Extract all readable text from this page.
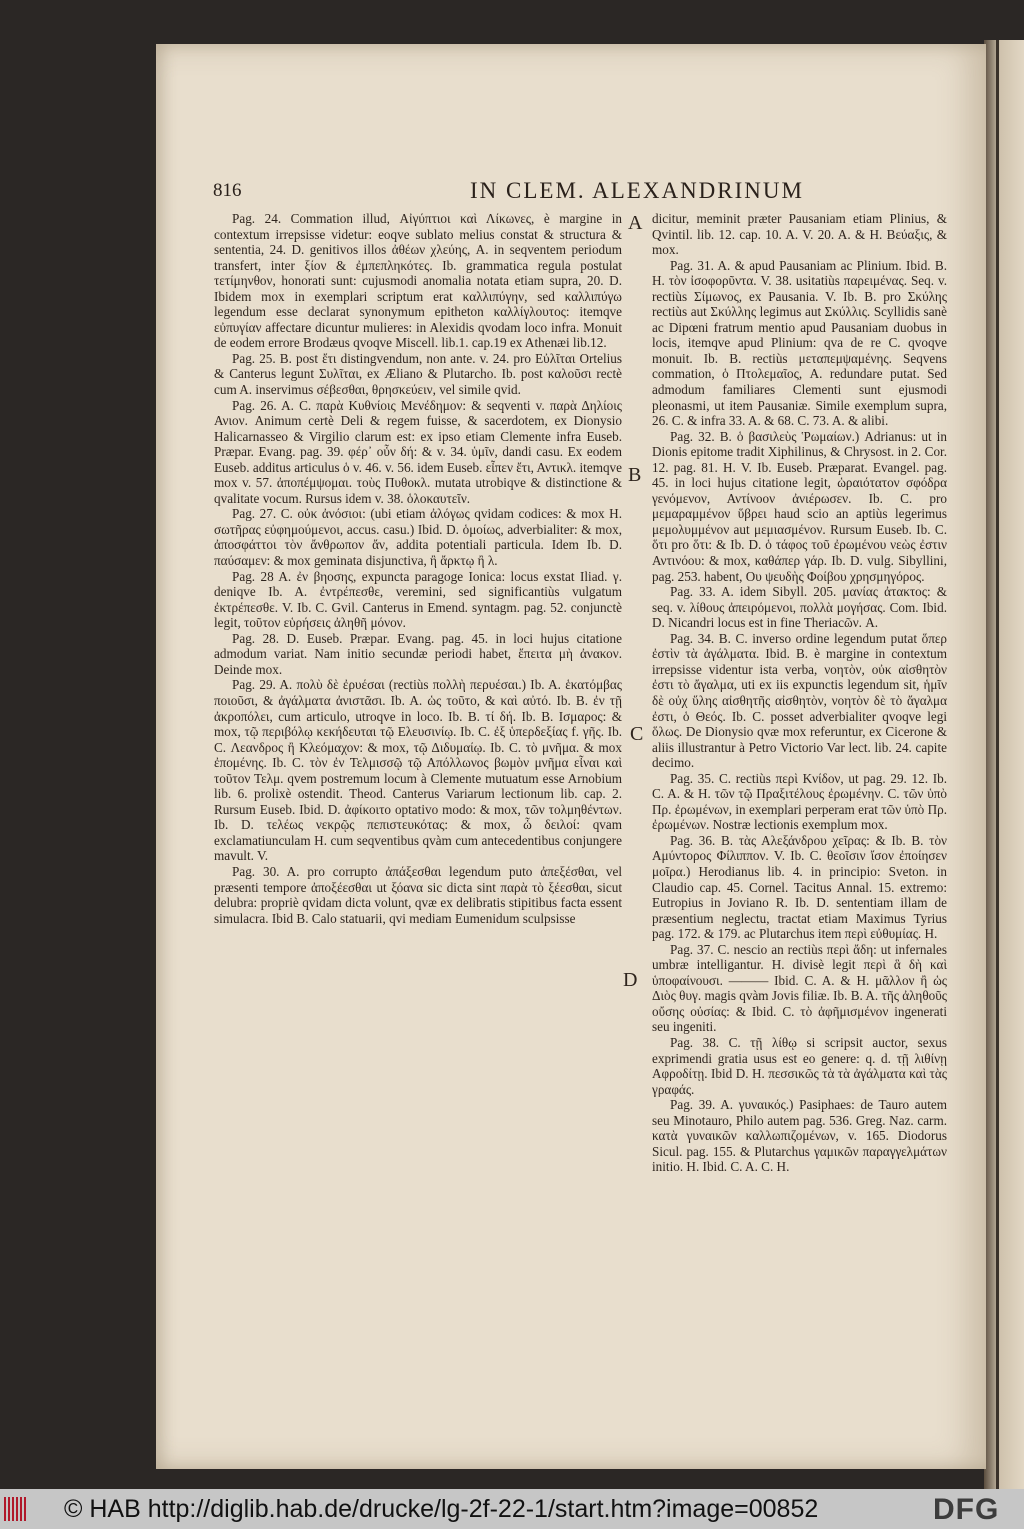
816	IN CLEM. ALEXANDRINUM

Pag. 24. Commation illud, Αἰγύπτιοι καὶ Λίκωνες, è margine in contextum irrepsisse videtur: eoqve sublato melius constat & structura & sententia, 24. D. genitivos illos ἀθέων χλεύης, A. in seqventem periodum transfert, inter ξίον & ἐμπεπληκότες. Ib. grammatica regula postulat τετίμηνθον, honorati sunt: cujusmodi anomalia notata etiam supra, 20. D. Ibidem mox in exemplari scriptum erat καλλιπύγην, sed καλλιπύγω legendum esse declarat synonymum epitheton καλλίγλουτος: itemqve εὐπυγίαν affectare dicuntur mulieres: in Alexidis qvodam loco infra. Monuit de eodem errore Brodæus qvoqve Miscell. lib.1. cap.19 ex Athenæi lib.12.

Pag. 25. B. post ἔτι distingvendum, non ante. v. 24. pro Εὐλῖται Ortelius & Canterus legunt Συλῖται, ex Æliano & Plutarcho. Ib. post καλοῦσι rectè cum A. inservimus σέβεσθαι, θρησκεύειν, vel simile qvid.

Pag. 26. A. C. παρὰ Κυθνίοις Μενέδημον: & seqventi v. παρὰ Δηλίοις Ανιον. Animum certè Deli & regem fuisse, & sacerdotem, ex Dionysio Halicarnasseo & Virgilio clarum est: ex ipso etiam Clemente infra Euseb. Præpar. Evang. pag. 39. φέρ᾽ οὖν δή: & v. 34. ὑμῖν, dandi casu. Ex eodem Euseb. additus articulus ὁ v. 46. v. 56. idem Euseb. εἶπεν ἔτι, Αντικλ. itemqve mox v. 57. ἀποπέμψομαι. τοὺς Πυθοκλ. mutata utrobiqve & distinctione & qvalitate vocum. Rursus idem v. 38. ὁλοκαυτεῖν.

Pag. 27. C. οὐκ ἀνόσιοι: (ubi etiam ἀλόγως qvidam codices: & mox H. σωτῆρας εὐφημούμενοι, accus. casu.) Ibid. D. ὁμοίως, adverbialiter: & mox, ἀποσφάττοι τὸν ἄνθρωπον ἄν, addita potentiali particula. Idem Ib. D. παύσαμεν: & mox geminata disjunctiva, ἢ ἄρκτῳ ἢ λ.

Pag. 28 A. ἐν βηοσης, expuncta paragoge Ionica: locus exstat Iliad. γ. deniqve Ib. A. ἐντρέπεσθε, veremini, sed significantiùs vulgatum ἐκτρέπεσθε. V. Ib. C. Gvil. Canterus in Emend. syntagm. pag. 52. conjunctè legit, τοῦτον εὑρήσεις ἀληθῆ μόνον.

Pag. 28. D. Euseb. Præpar. Evang. pag. 45. in loci hujus citatione admodum variat. Nam initio secundæ periodi habet, ἔπειτα μὴ ἀνακον. Deinde mox.

Pag. 29. A. πολὺ δὲ ἐρυέσαι (rectiùs πολλὴ περυέσαι.) Ib. A. ἑκατόμβας ποιοῦσι, & ἀγάλματα ἀνιστᾶσι. Ib. A. ὡς τοῦτο, & καὶ αὐτό. Ib. B. ἐν τῇ ἀκροπόλει, cum articulo, utroqve in loco. Ib. B. τί δή. Ib. B. Ισμαρος: & mox, τῷ περιβόλῳ κεκήδευται τῷ Ελευσινίῳ. Ib. C. ἐξ ὑπερδεξίας f. γῆς. Ib. C. Λεανδρος ἢ Κλεόμαχον: & mox, τῷ Διδυμαίῳ. Ib. C. τὸ μνῆμα. & mox ἐπομένης. Ib. C. τὸν ἐν Τελμισσῷ τῷ Απόλλωνος βωμὸν μνῆμα εἶναι καὶ τοῦτον Τελμ. qvem postremum locum à Clemente mutuatum esse Arnobium lib. 6. prolixè ostendit. Theod. Canterus Variarum lectionum lib. cap. 2. Rursum Euseb. Ibid. D. ἀφίκοιτο optativo modo: & mox, τῶν τολμηθέντων. Ib. D. τελέως νεκρῷς πεπιστευκότας: & mox, ὦ δειλοί: qvam exclamatiunculam H. cum seqventibus qvàm cum antecedentibus conjungere mavult. V.

Pag. 30. A. pro corrupto ἀπάξεσθαι legendum puto ἀπεξέσθαι, vel præsenti tempore ἀποξέεσθαι ut ξόανα sic dicta sint παρὰ τὸ ξέεσθαι, sicut delubra: propriè qvidam dicta volunt, qvæ ex delibratis stipitibus facta essent simulacra. Ibid B. Calo statuarii, qvi mediam Eumenidum sculpsisse

A
B
C
D

dicitur, meminit præter Pausaniam etiam Plinius, & Qvintil. lib. 12. cap. 10. A. V. 20. A. & H. Βεύαξις, & mox.

Pag. 31. A. & apud Pausaniam ac Plinium. Ibid. B. H. τὸν ἰσοφορῦντα. V. 38. usitatiùs παρειμένας. Seq. v. rectiùs Σίμωνος, ex Pausania. V. Ib. B. pro Σκύλης rectiùs aut Σκύλλης legimus aut Σκύλλις. Scyllidis sanè ac Dipœni fratrum mentio apud Pausaniam duobus in locis, itemqve apud Plinium: qva de re C. qvoqve monuit. Ib. B. rectiùs μεταπεμψαμένης. Seqvens commation, ὁ Πτολεμαῖος, A. redundare putat. Sed admodum familiares Clementi sunt ejusmodi pleonasmi, ut item Pausaniæ. Simile exemplum supra, 26. C. & infra 33. A. & 68. C. 73. A. & alibi.

Pag. 32. B. ὁ βασιλεὺς Ῥωμαίων.) Adrianus: ut in Dionis epitome tradit Xiphilinus, & Chrysost. in 2. Cor. 12. pag. 81. H. V. Ib. Euseb. Præparat. Evangel. pag. 45. in loci hujus citatione legit, ὡραιότατον σφόδρα γενόμενον, Αντίνοον ἀνιέρωσεν. Ib. C. pro μεμαραμμένον ὕβρει haud scio an aptiùs legerimus μεμολυμμένον aut μεμιασμένον. Rursum Euseb. Ib. C. ὅτι pro ὅτι: & Ib. D. ὁ τάφος τοῦ ἐρωμένου νεὼς ἐστιν Αντινόου: & mox, καθάπερ γάρ. Ib. D. vulg. Sibyllini, pag. 253. habent, Ου ψευδὴς Φοίβου χρησμηγόρος.

Pag. 33. A. idem Sibyll. 205. μανίας ἀτακτος: & seq. v. λίθους ἀπειρόμενοι, πολλὰ μογήσας. Com. Ibid. D. Nicandri locus est in fine Theriacῶν. A.

Pag. 34. B. C. inverso ordine legendum putat ὅπερ ἐστὶν τὰ ἀγάλματα. Ibid. B. è margine in contextum irrepsisse videntur ista verba, νοητὸν, οὐκ αἰσθητὸν ἐστι τὸ ἄγαλμα, uti ex iis expunctis legendum sit, ἡμῖν δὲ οὐχ ὕλης αἰσθητῆς αἰσθητὸν, νοητὸν δὲ τὸ ἄγαλμα ἐστι, ὁ Θεός. Ib. C. posset adverbialiter qvoqve legi ὅλως. De Dionysio qvæ mox referuntur, ex Cicerone & aliis illustrantur à Petro Victorio Var lect. lib. 24. capite decimo.

Pag. 35. C. rectiùs περὶ Κνίδον, ut pag. 29. 12. Ib. C. A. & H. τῶν τῷ Πραξιτέλους ἐρωμένην. C. τῶν ὑπὸ Πρ. ἐρωμένων, in exemplari perperam erat τῶν ὑπὸ Πρ. ἐρωμένων. Nostræ lectionis exemplum mox.

Pag. 36. B. τὰς Αλεξάνδρου χεῖρας: & Ib. B. τὸν Αμύντορος Φίλιππον. V. Ib. C. θεοῖσιν ἴσον ἐποίησεν μοῖρα.) Herodianus lib. 4. in principio: Sveton. in Claudio cap. 45. Cornel. Tacitus Annal. 15. extremo: Eutropius in Joviano R. Ib. D. sententiam illam de præsentium neglectu, tractat etiam Maximus Tyrius pag. 172. & 179. ac Plutarchus item περὶ εὐθυμίας. H.

Pag. 37. C. nescio an rectiùs περὶ ἄδη: ut infernales umbræ intelligantur. H. divisè legit περὶ ἃ δὴ καὶ ὑποφαίνουσι. ——— Ibid. C. A. & H. μᾶλλον ἢ ὡς Διὸς θυγ. magis qvàm Jovis filiæ. Ib. B. A. τῆς ἀληθοῦς οὔσης οὐσίας: & Ibid. C. τὸ ἀφῆμισμένον ingenerati seu ingeniti.

Pag. 38. C. τῇ λίθῳ si scripsit auctor, sexus exprimendi gratia usus est eo genere: q. d. τῇ λιθίνῃ Αφροδίτῃ. Ibid D. H. πεσσικῶς τὰ τὰ ἀγάλματα καὶ τὰς γραφάς.

Pag. 39. A. γυναικός.) Pasiphaes: de Tauro autem seu Minotauro, Philo autem pag. 536. Greg. Naz. carm. κατὰ γυναικῶν καλλωπιζομένων, v. 165. Diodorus Sicul. pag. 155. & Plutarchus γαμικῶν παραγγελμάτων initio. H. Ibid. C. A. C. H.

© HAB http://diglib.hab.de/drucke/lg-2f-22-1/start.htm?image=00852	DFG
